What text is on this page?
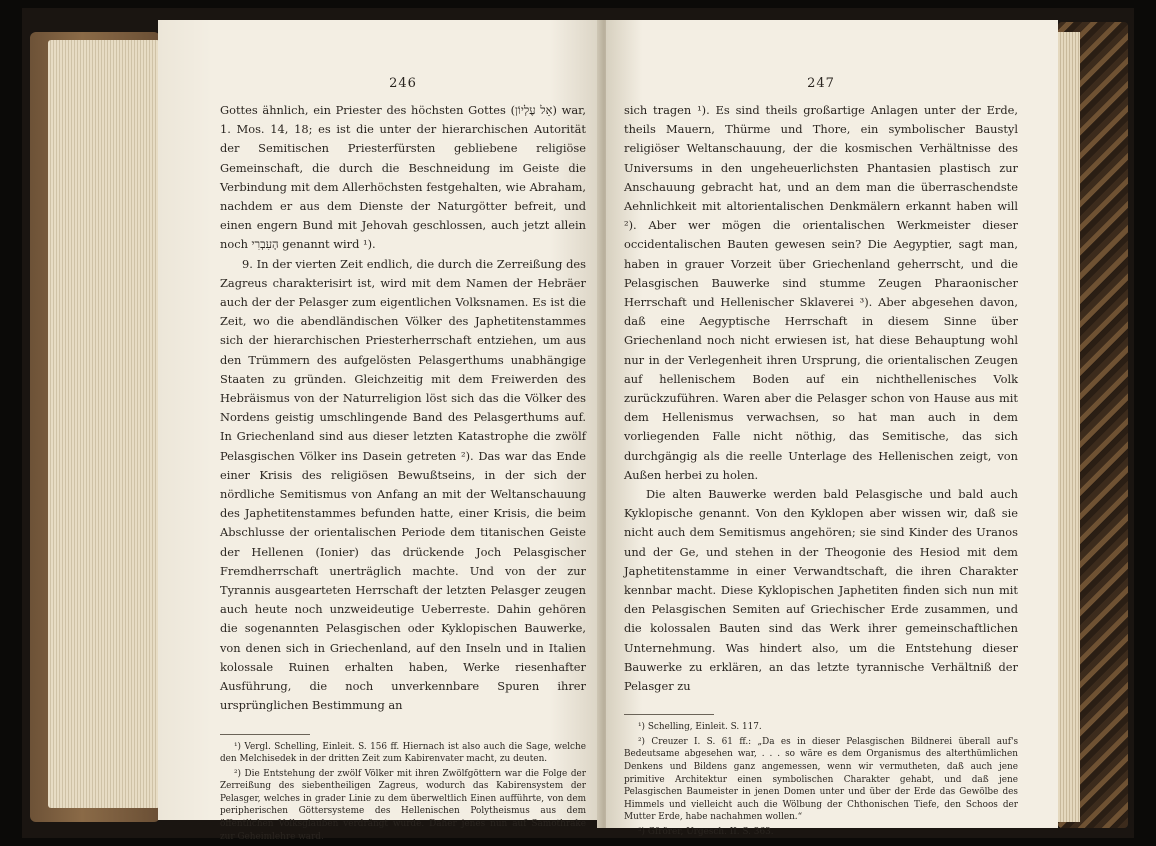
246

Gottes ähnlich, ein Priester des höchsten Gottes (אֵל עֶלְיוֹן) war, 1. Mos. 14, 18; es ist die unter der hierarchischen Autorität der Semitischen Priesterfürsten gebliebene religiöse Gemeinschaft, die durch die Beschneidung im Geiste die Verbindung mit dem Allerhöchsten festgehalten, wie Abraham, nachdem er aus dem Dienste der Naturgötter befreit, und einen engern Bund mit Jehovah geschlossen, auch jetzt allein noch הָעִבְרִי genannt wird ¹).

9. In der vierten Zeit endlich, die durch die Zerreißung des Zagreus charakterisirt ist, wird mit dem Namen der Hebräer auch der der Pelasger zum eigentlichen Volksnamen. Es ist die Zeit, wo die abendländischen Völker des Japhetitenstammes sich der hierarchischen Priesterherrschaft entziehen, um aus den Trümmern des aufgelösten Pelasgerthums unabhängige Staaten zu gründen. Gleichzeitig mit dem Freiwerden des Hebräismus von der Naturreligion löst sich das die Völker des Nordens geistig umschlingende Band des Pelasgerthums auf. In Griechenland sind aus dieser letzten Katastrophe die zwölf Pelasgischen Völker ins Dasein getreten ²). Das war das Ende einer Krisis des religiösen Bewußtseins, in der sich der nördliche Semitismus von Anfang an mit der Weltanschauung des Japhetitenstammes befunden hatte, einer Krisis, die beim Abschlusse der orientalischen Periode dem titanischen Geiste der Hellenen (Ionier) das drückende Joch Pelasgischer Fremdherrschaft unerträglich machte. Und von der zur Tyrannis ausgearteten Herrschaft der letzten Pelasger zeugen auch heute noch unzweideutige Ueberreste. Dahin gehören die sogenannten Pelasgischen oder Kyklopischen Bauwerke, von denen sich in Griechenland, auf den Inseln und in Italien kolossale Ruinen erhalten haben, Werke riesenhafter Ausführung, die noch unverkennbare Spuren ihrer ursprünglichen Bestimmung an

¹) Vergl. Schelling, Einleit. S. 156 ff. Hiernach ist also auch die Sage, welche den Melchisedek in der dritten Zeit zum Kabirenvater macht, zu deuten.

²) Die Entstehung der zwölf Völker mit ihren Zwölfgöttern war die Folge der Zerreißung des siebentheiligen Zagreus, wodurch das Kabirensystem der Pelasger, welches in grader Linie zu dem überweltlich Einen aufführte, von dem peripherischen Göttersysteme des Hellenischen Polytheismus aus dem öffentlichen Volksglauben verdrängt wurde. Daher jenes nun auf Samothrake zur Geheimlehre ward.

247

sich tragen ¹). Es sind theils großartige Anlagen unter der Erde, theils Mauern, Thürme und Thore, ein symbolischer Baustyl religiöser Weltanschauung, der die kosmischen Verhältnisse des Universums in den ungeheuerlichsten Phantasien plastisch zur Anschauung gebracht hat, und an dem man die überraschendste Aehnlichkeit mit altorientalischen Denkmälern erkannt haben will ²). Aber wer mögen die orientalischen Werkmeister dieser occidentalischen Bauten gewesen sein? Die Aegyptier, sagt man, haben in grauer Vorzeit über Griechenland geherrscht, und die Pelasgischen Bauwerke sind stumme Zeugen Pharaonischer Herrschaft und Hellenischer Sklaverei ³). Aber abgesehen davon, daß eine Aegyptische Herrschaft in diesem Sinne über Griechenland noch nicht erwiesen ist, hat diese Behauptung wohl nur in der Verlegenheit ihren Ursprung, die orientalischen Zeugen auf hellenischem Boden auf ein nichthellenisches Volk zurückzuführen. Waren aber die Pelasger schon von Hause aus mit dem Hellenismus verwachsen, so hat man auch in dem vorliegenden Falle nicht nöthig, das Semitische, das sich durchgängig als die reelle Unterlage des Hellenischen zeigt, von Außen herbei zu holen.

Die alten Bauwerke werden bald Pelasgische und bald auch Kyklopische genannt. Von den Kyklopen aber wissen wir, daß sie nicht auch dem Semitismus angehören; sie sind Kinder des Uranos und der Ge, und stehen in der Theogonie des Hesiod mit dem Japhetitenstamme in einer Verwandtschaft, die ihren Charakter kennbar macht. Diese Kyklopischen Japhetiten finden sich nun mit den Pelasgischen Semiten auf Griechischer Erde zusammen, und die kolossalen Bauten sind das Werk ihrer gemeinschaftlichen Unternehmung. Was hindert also, um die Entstehung dieser Bauwerke zu erklären, an das letzte tyrannische Verhältniß der Pelasger zu

¹) Schelling, Einleit. S. 117.

²) Creuzer I. S. 61 ff.: „Da es in dieser Pelasgischen Bildnerei überall auf's Bedeutsame abgesehen war, . . . so wäre es dem Organismus des alterthümlichen Denkens und Bildens ganz angemessen, wenn wir vermutheten, daß auch jene primitive Architektur einen symbolischen Charakter gehabt, und daß jene Pelasgischen Baumeister in jenen Domen unter und über der Erde das Gewölbe des Himmels und vielleicht auch die Wölbung der Chthonischen Tiefe, den Schoos der Mutter Erde, habe nachahmen wollen.“

³) Gfrörer, Urgesch. II. S. 363.
